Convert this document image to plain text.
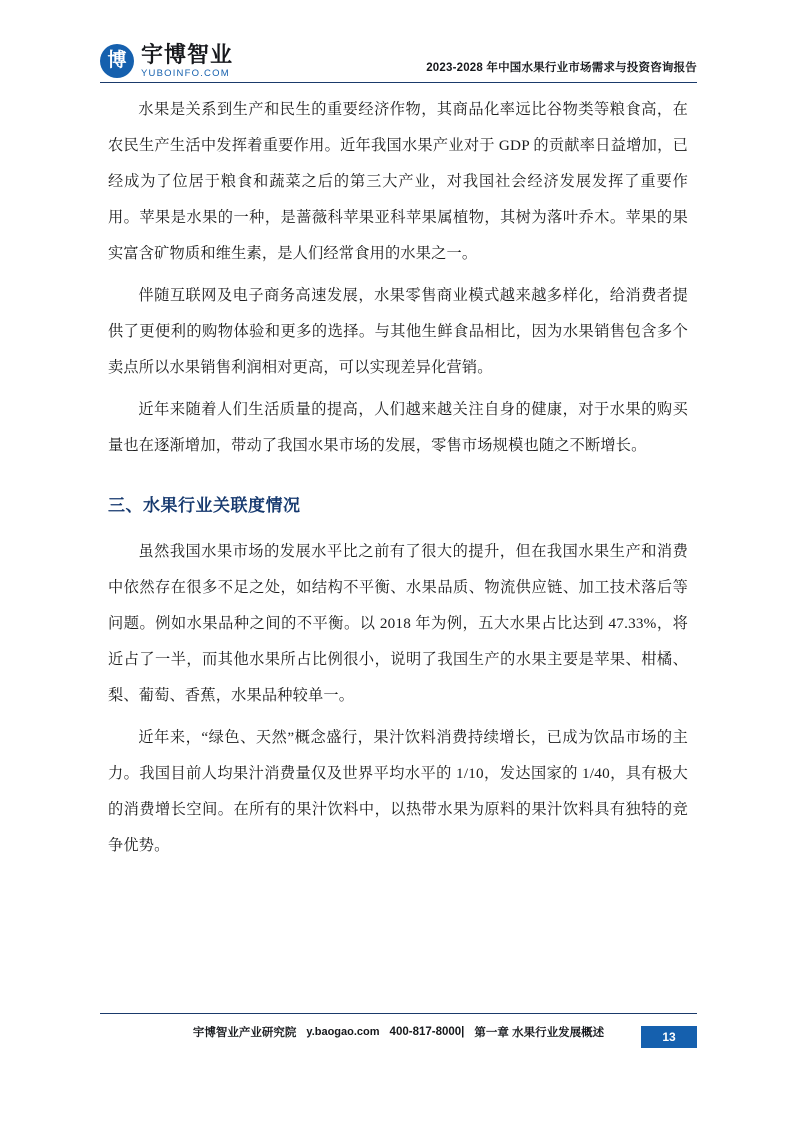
博 宇博智业
YUBOINFO.COM	2023-2028 年中国水果行业市场需求与投资咨询报告

水果是关系到生产和民生的重要经济作物，其商品化率远比谷物类等粮食高，在农民生产生活中发挥着重要作用。近年我国水果产业对于 GDP 的贡献率日益增加，已经成为了位居于粮食和蔬菜之后的第三大产业，对我国社会经济发展发挥了重要作用。苹果是水果的一种，是蔷薇科苹果亚科苹果属植物，其树为落叶乔木。苹果的果实富含矿物质和维生素，是人们经常食用的水果之一。

伴随互联网及电子商务高速发展，水果零售商业模式越来越多样化，给消费者提供了更便利的购物体验和更多的选择。与其他生鲜食品相比，因为水果销售包含多个卖点所以水果销售利润相对更高，可以实现差异化营销。

近年来随着人们生活质量的提高，人们越来越关注自身的健康，对于水果的购买量也在逐渐增加，带动了我国水果市场的发展，零售市场规模也随之不断增长。

三、水果行业关联度情况

虽然我国水果市场的发展水平比之前有了很大的提升，但在我国水果生产和消费中依然存在很多不足之处，如结构不平衡、水果品质、物流供应链、加工技术落后等问题。例如水果品种之间的不平衡。以 2018 年为例，五大水果占比达到 47.33%，将近占了一半，而其他水果所占比例很小，说明了我国生产的水果主要是苹果、柑橘、梨、葡萄、香蕉，水果品种较单一。

近年来，“绿色、天然”概念盛行，果汁饮料消费持续增长，已成为饮品市场的主力。我国目前人均果汁消费量仅及世界平均水平的 1/10，发达国家的 1/40，具有极大的消费增长空间。在所有的果汁饮料中，以热带水果为原料的果汁饮料具有独特的竞争优势。

宇博智业产业研究院 y.baogao.com 400-817-8000| 第一章 水果行业发展概述	13
